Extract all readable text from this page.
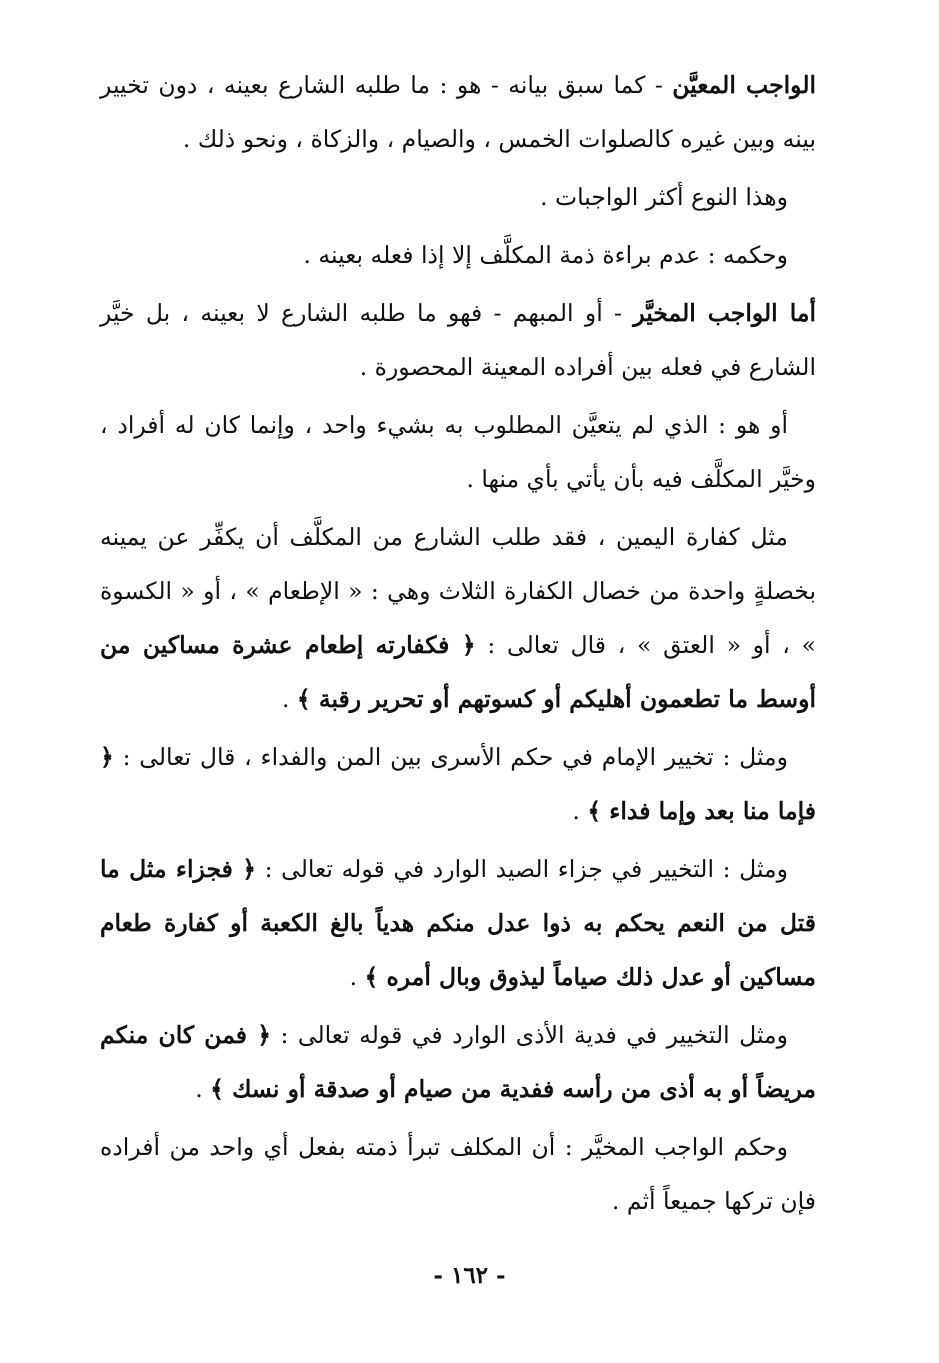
الواجب المعيَّن - كما سبق بيانه - هو : ما طلبه الشارع بعينه ، دون تخيير بينه وبين غيره كالصلوات الخمس ، والصيام ، والزكاة ، ونحو ذلك .

وهذا النوع أكثر الواجبات .

وحكمه : عدم براءة ذمة المكلَّف إلا إذا فعله بعينه .

أما الواجب المخيَّر - أو المبهم - فهو ما طلبه الشارع لا بعينه ، بل خيَّر الشارع في فعله بين أفراده المعينة المحصورة .

أو هو : الذي لم يتعيَّن المطلوب به بشيء واحد ، وإنما كان له أفراد ، وخيَّر المكلَّف فيه بأن يأتي بأي منها .

مثل كفارة اليمين ، فقد طلب الشارع من المكلَّف أن يكفِّر عن يمينه بخصلةٍ واحدة من خصال الكفارة الثلاث وهي : « الإطعام » ، أو « الكسوة » ، أو « العتق » ، قال تعالى : ﴿ فكفارته إطعام عشرة مساكين من أوسط ما تطعمون أهليكم أو كسوتهم أو تحرير رقبة ﴾ .

ومثل : تخيير الإمام في حكم الأسرى بين المن والفداء ، قال تعالى : ﴿ فإما منا بعد وإما فداء ﴾ .

ومثل : التخيير في جزاء الصيد الوارد في قوله تعالى : ﴿ فجزاء مثل ما قتل من النعم يحكم به ذوا عدل منكم هدياً بالغ الكعبة أو كفارة طعام مساكين أو عدل ذلك صياماً ليذوق وبال أمره ﴾ .

ومثل التخيير في فدية الأذى الوارد في قوله تعالى : ﴿ فمن كان منكم مريضاً أو به أذى من رأسه ففدية من صيام أو صدقة أو نسك ﴾ .

وحكم الواجب المخيَّر : أن المكلف تبرأ ذمته بفعل أي واحد من أفراده فإن تركها جميعاً أثم .

- ١٦٢ -
